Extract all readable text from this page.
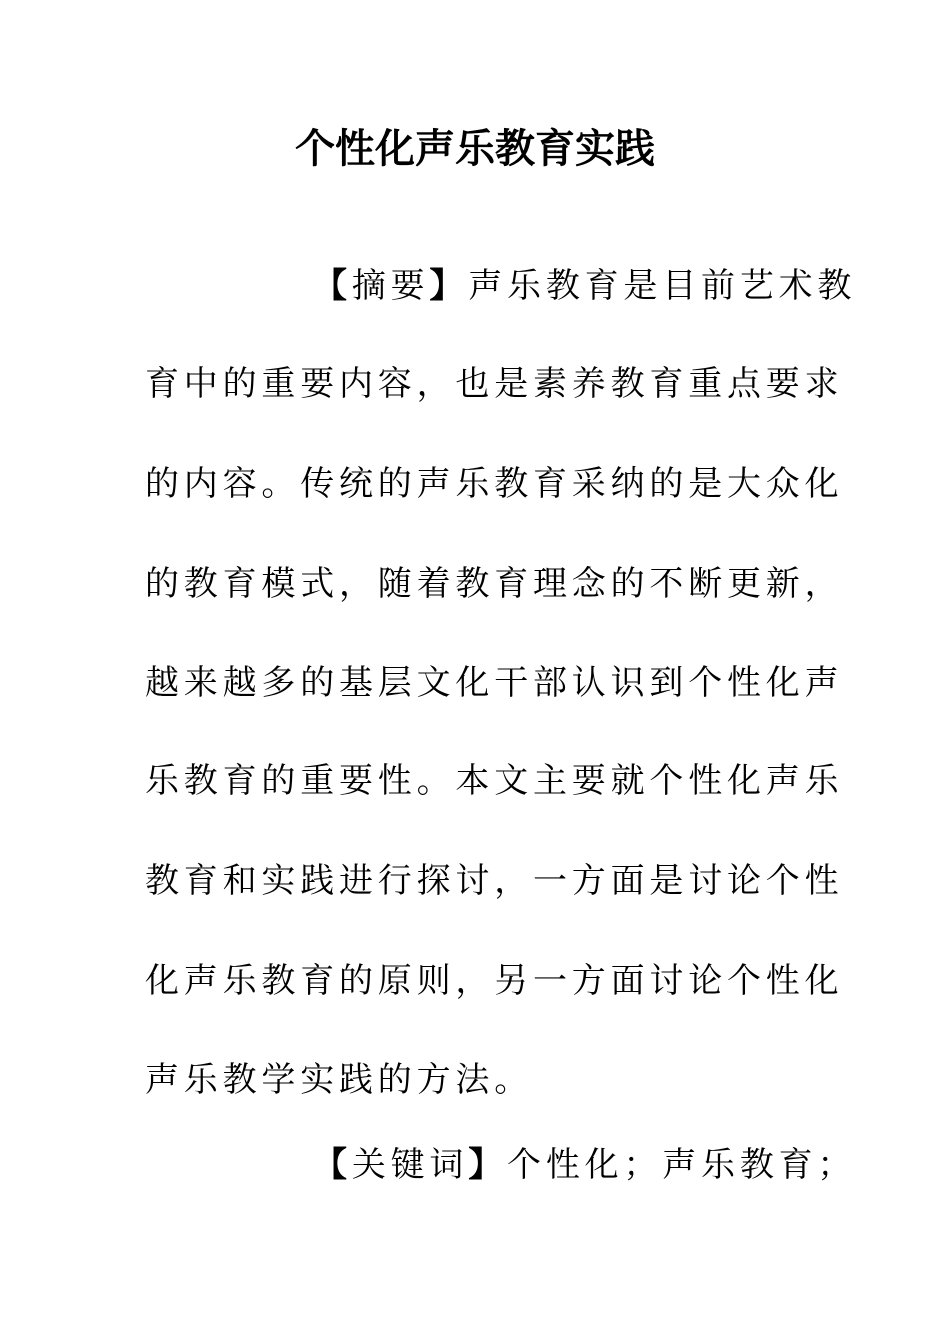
个性化声乐教育实践

【摘要】声乐教育是目前艺术教

育中的重要内容，也是素养教育重点要求

的内容。传统的声乐教育采纳的是大众化

的教育模式，随着教育理念的不断更新，

越来越多的基层文化干部认识到个性化声

乐教育的重要性。本文主要就个性化声乐

教育和实践进行探讨，一方面是讨论个性

化声乐教育的原则，另一方面讨论个性化

声乐教学实践的方法。

【关键词】个性化；声乐教育；
